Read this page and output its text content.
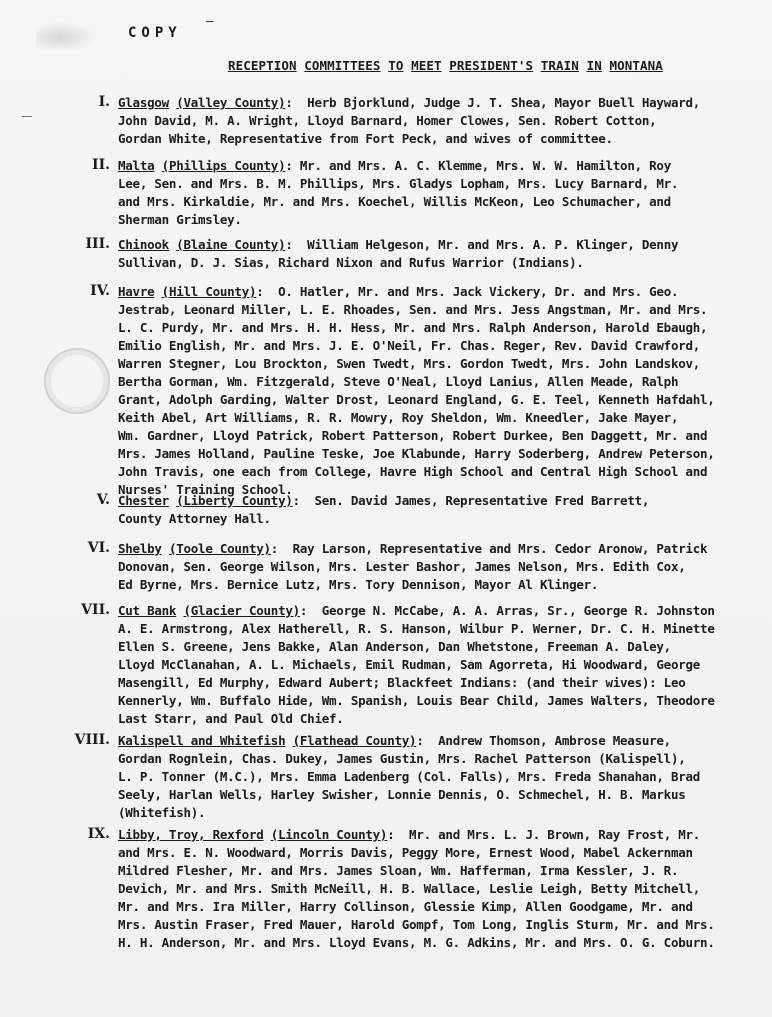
–
COPY
RECEPTION COMMITTEES TO MEET PRESIDENT'S TRAIN IN MONTANA
I. Glasgow (Valley County):  Herb Bjorklund, Judge J. T. Shea, Mayor Buell Hayward,
John David, M. A. Wright, Lloyd Barnard, Homer Clowes, Sen. Robert Cotton,
Gordan White, Representative from Fort Peck, and wives of committee.
II. Malta (Phillips County): Mr. and Mrs. A. C. Klemme, Mrs. W. W. Hamilton, Roy
Lee, Sen. and Mrs. B. M. Phillips, Mrs. Gladys Lopham, Mrs. Lucy Barnard, Mr.
and Mrs. Kirkaldie, Mr. and Mrs. Koechel, Willis McKeon, Leo Schumacher, and
Sherman Grimsley.
III. Chinook (Blaine County):  William Helgeson, Mr. and Mrs. A. P. Klinger, Denny
Sullivan, D. J. Sias, Richard Nixon and Rufus Warrior (Indians).
IV. Havre (Hill County):  O. Hatler, Mr. and Mrs. Jack Vickery, Dr. and Mrs. Geo.
Jestrab, Leonard Miller, L. E. Rhoades, Sen. and Mrs. Jess Angstman, Mr. and Mrs.
L. C. Purdy, Mr. and Mrs. H. H. Hess, Mr. and Mrs. Ralph Anderson, Harold Ebaugh,
Emilio English, Mr. and Mrs. J. E. O'Neil, Fr. Chas. Reger, Rev. David Crawford,
Warren Stegner, Lou Brockton, Swen Twedt, Mrs. Gordon Twedt, Mrs. John Landskov,
Bertha Gorman, Wm. Fitzgerald, Steve O'Neal, Lloyd Lanius, Allen Meade, Ralph
Grant, Adolph Garding, Walter Drost, Leonard England, G. E. Teel, Kenneth Hafdahl,
Keith Abel, Art Williams, R. R. Mowry, Roy Sheldon, Wm. Kneedler, Jake Mayer,
Wm. Gardner, Lloyd Patrick, Robert Patterson, Robert Durkee, Ben Daggett, Mr. and
Mrs. James Holland, Pauline Teske, Joe Klabunde, Harry Soderberg, Andrew Peterson,
John Travis, one each from College, Havre High School and Central High School and
Nurses' Training School.
V. Chester (Liberty County):  Sen. David James, Representative Fred Barrett,
County Attorney Hall.
VI. Shelby (Toole County):  Ray Larson, Representative and Mrs. Cedor Aronow, Patrick
Donovan, Sen. George Wilson, Mrs. Lester Bashor, James Nelson, Mrs. Edith Cox,
Ed Byrne, Mrs. Bernice Lutz, Mrs. Tory Dennison, Mayor Al Klinger.
VII. Cut Bank (Glacier County):  George N. McCabe, A. A. Arras, Sr., George R. Johnston
A. E. Armstrong, Alex Hatherell, R. S. Hanson, Wilbur P. Werner, Dr. C. H. Minette
Ellen S. Greene, Jens Bakke, Alan Anderson, Dan Whetstone, Freeman A. Daley,
Lloyd McClanahan, A. L. Michaels, Emil Rudman, Sam Agorreta, Hi Woodward, George
Masengill, Ed Murphy, Edward Aubert; Blackfeet Indians: (and their wives): Leo
Kennerly, Wm. Buffalo Hide, Wm. Spanish, Louis Bear Child, James Walters, Theodore
Last Starr, and Paul Old Chief.
VIII. Kalispell and Whitefish (Flathead County):  Andrew Thomson, Ambrose Measure,
Gordan Rognlein, Chas. Dukey, James Gustin, Mrs. Rachel Patterson (Kalispell),
L. P. Tonner (M.C.), Mrs. Emma Ladenberg (Col. Falls), Mrs. Freda Shanahan, Brad
Seely, Harlan Wells, Harley Swisher, Lonnie Dennis, O. Schmechel, H. B. Markus
(Whitefish).
IX. Libby, Troy, Rexford (Lincoln County):  Mr. and Mrs. L. J. Brown, Ray Frost, Mr.
and Mrs. E. N. Woodward, Morris Davis, Peggy More, Ernest Wood, Mabel Ackernman
Mildred Flesher, Mr. and Mrs. James Sloan, Wm. Hafferman, Irma Kessler, J. R.
Devich, Mr. and Mrs. Smith McNeill, H. B. Wallace, Leslie Leigh, Betty Mitchell,
Mr. and Mrs. Ira Miller, Harry Collinson, Glessie Kimp, Allen Goodgame, Mr. and
Mrs. Austin Fraser, Fred Mauer, Harold Gompf, Tom Long, Inglis Sturm, Mr. and Mrs.
H. H. Anderson, Mr. and Mrs. Lloyd Evans, M. G. Adkins, Mr. and Mrs. O. G. Coburn.
